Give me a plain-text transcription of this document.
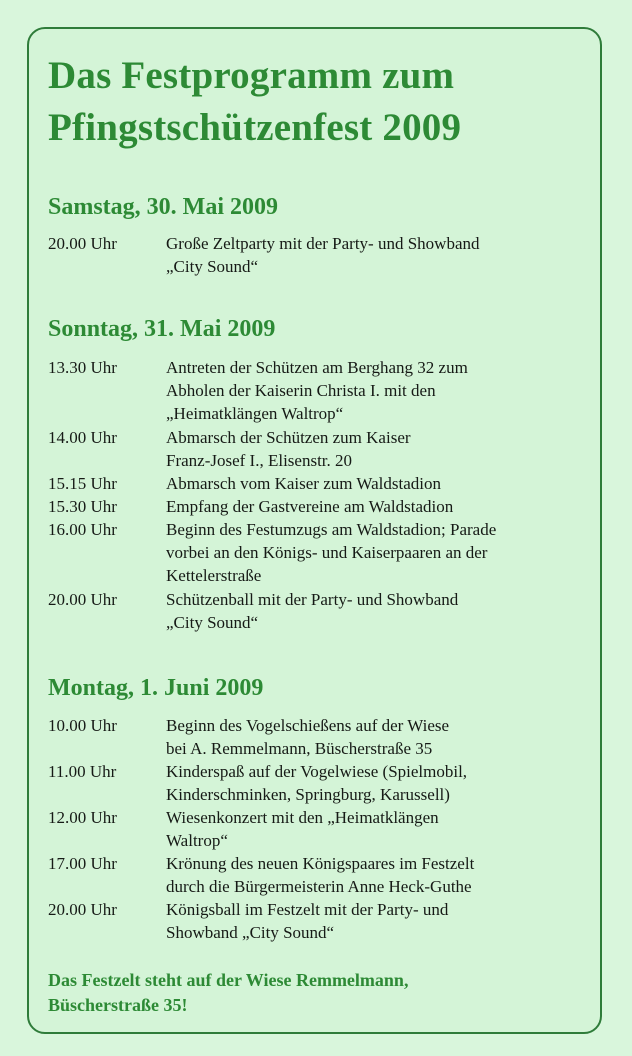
Das Festprogramm zum
Pfingstschützenfest 2009
Samstag, 30. Mai 2009
20.00 Uhr	Große Zeltparty mit der Party- und Showband
„City Sound“
Sonntag, 31. Mai 2009
13.30 Uhr	Antreten der Schützen am Berghang 32 zum
Abholen der Kaiserin Christa I. mit den
„Heimatklängen Waltrop“
14.00 Uhr	Abmarsch der Schützen zum Kaiser
Franz-Josef I., Elisenstr. 20
15.15 Uhr	Abmarsch vom Kaiser zum Waldstadion
15.30 Uhr	Empfang der Gastvereine am Waldstadion
16.00 Uhr	Beginn des Festumzugs am Waldstadion; Parade
vorbei an den Königs- und Kaiserpaaren an der
Kettelerstraße
20.00 Uhr	Schützenball mit der Party- und Showband
„City Sound“
Montag, 1. Juni 2009
10.00 Uhr	Beginn des Vogelschießens auf der Wiese
bei A. Remmelmann, Büscherstraße 35
11.00 Uhr	Kinderspaß auf der Vogelwiese (Spielmobil,
Kinderschminken, Springburg, Karussell)
12.00 Uhr	Wiesenkonzert mit den „Heimatklängen
Waltrop“
17.00 Uhr	Krönung des neuen Königspaares im Festzelt
durch die Bürgermeisterin Anne Heck-Guthe
20.00 Uhr	Königsball im Festzelt mit der Party- und
Showband „City Sound“
Das Festzelt steht auf der Wiese Remmelmann,
Büscherstraße 35!
